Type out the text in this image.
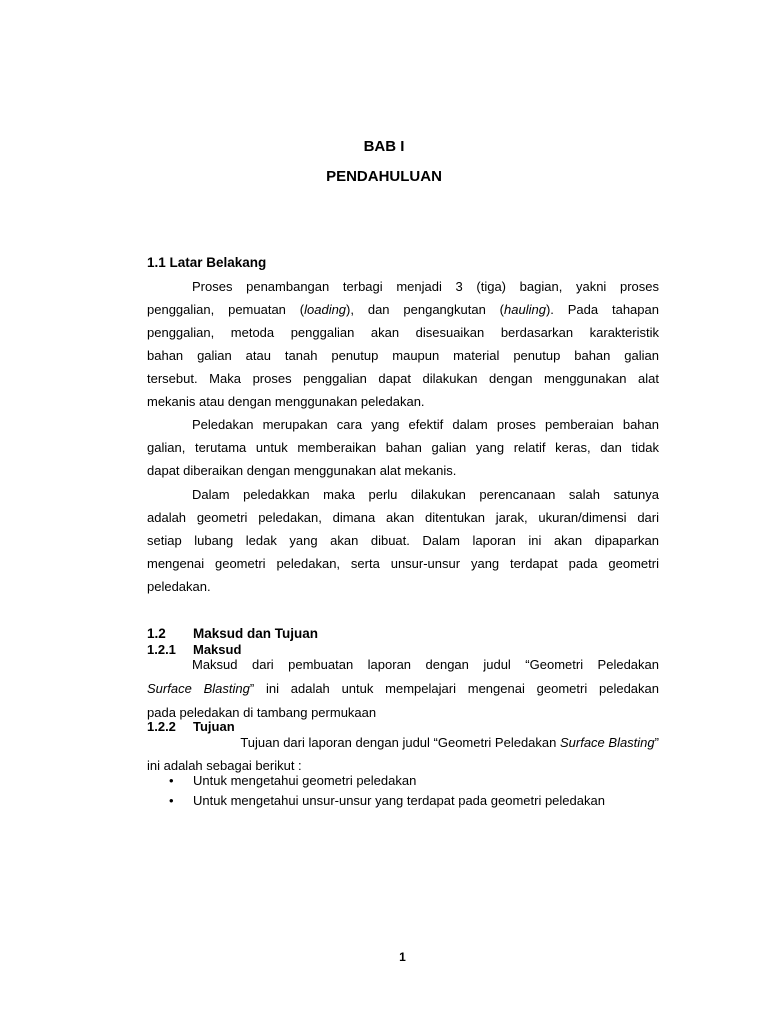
BAB I
PENDAHULUAN
1.1 Latar Belakang
Proses penambangan terbagi menjadi 3 (tiga) bagian, yakni proses
penggalian, pemuatan (loading), dan pengangkutan (hauling). Pada tahapan
penggalian, metoda penggalian akan disesuaikan berdasarkan karakteristik
bahan galian atau tanah penutup maupun material penutup bahan galian
tersebut. Maka proses penggalian dapat dilakukan dengan menggunakan alat
mekanis atau dengan menggunakan peledakan.
Peledakan merupakan cara yang efektif dalam proses pemberaian bahan
galian, terutama untuk memberaikan bahan galian yang relatif keras, dan tidak
dapat diberaikan dengan menggunakan alat mekanis.
Dalam peledakkan maka perlu dilakukan perencanaan salah satunya
adalah geometri peledakan, dimana akan ditentukan jarak, ukuran/dimensi dari
setiap lubang ledak yang akan dibuat. Dalam laporan ini akan dipaparkan
mengenai geometri peledakan, serta unsur-unsur yang terdapat pada geometri
peledakan.
1.2 Maksud dan Tujuan
1.2.1 Maksud
Maksud dari pembuatan laporan dengan judul “Geometri Peledakan
Surface Blasting” ini adalah untuk mempelajari mengenai geometri peledakan
pada peledakan di tambang permukaan
1.2.2 Tujuan
Tujuan dari laporan dengan judul “Geometri Peledakan Surface Blasting”
ini adalah sebagai berikut :
• Untuk mengetahui geometri peledakan
• Untuk mengetahui unsur-unsur yang terdapat pada geometri peledakan
1
